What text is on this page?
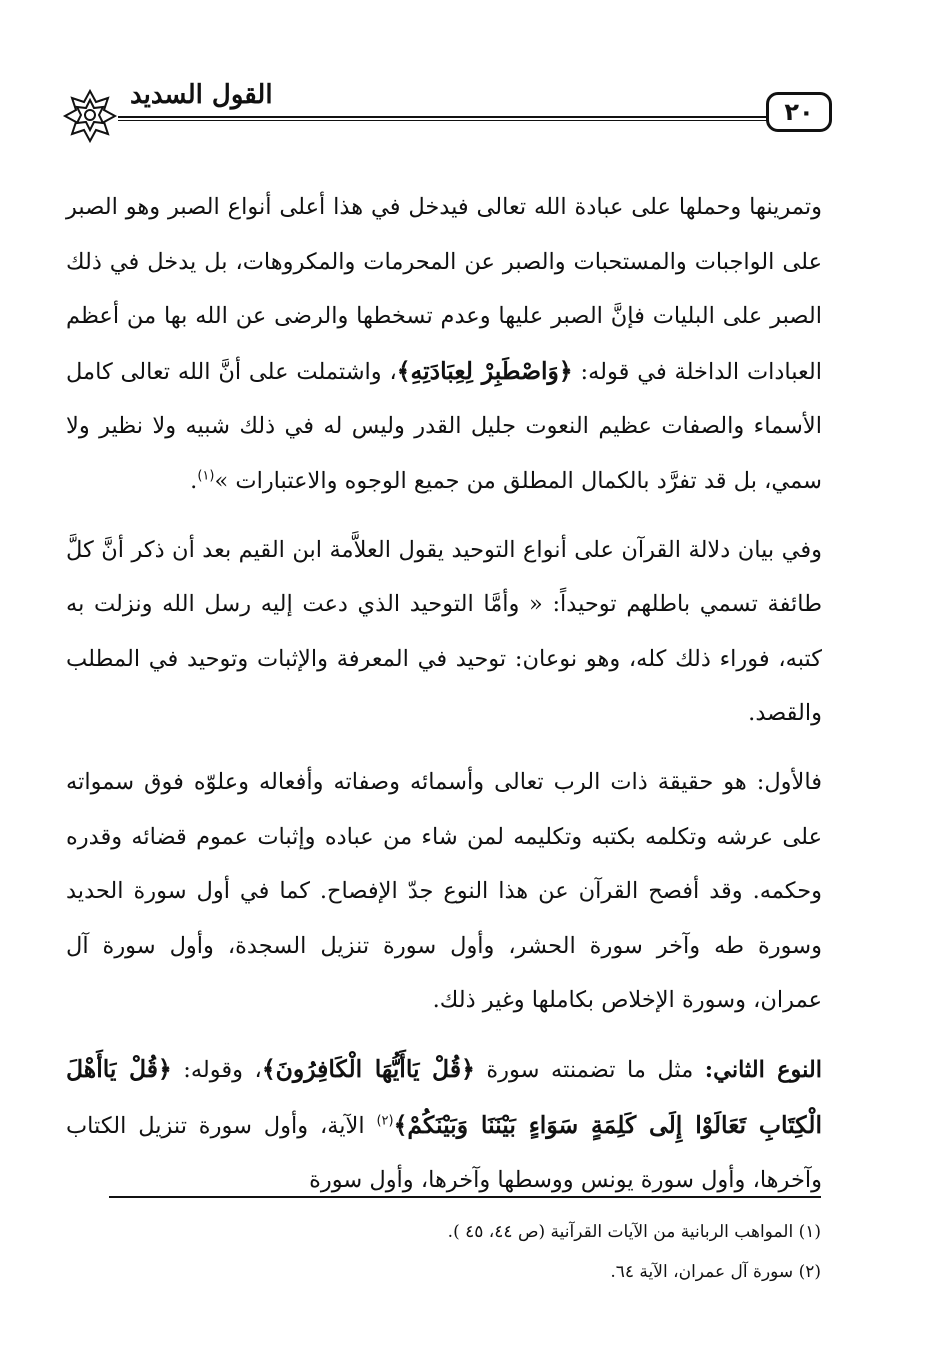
٢٠
القول السديد

وتمرينها وحملها على عبادة الله تعالى فيدخل في هذا أعلى أنواع الصبر وهو الصبر على الواجبات والمستحبات والصبر عن المحرمات والمكروهات، بل يدخل في ذلك الصبر على البليات فإنَّ الصبر عليها وعدم تسخطها والرضى عن الله بها من أعظم العبادات الداخلة في قوله: ﴿وَاصْطَبِرْ لِعِبَادَتِهِ﴾، واشتملت على أنَّ الله تعالى كامل الأسماء والصفات عظيم النعوت جليل القدر وليس له في ذلك شبيه ولا نظير ولا سمي، بل قد تفرَّد بالكمال المطلق من جميع الوجوه والاعتبارات »$^{(١)}$.

وفي بيان دلالة القرآن على أنواع التوحيد يقول العلاَّمة ابن القيم بعد أن ذكر أنَّ كلَّ طائفة تسمي باطلهم توحيداً: « وأمَّا التوحيد الذي دعت إليه رسل الله ونزلت به كتبه، فوراء ذلك كله، وهو نوعان: توحيد في المعرفة والإثبات وتوحيد في المطلب والقصد.

فالأول: هو حقيقة ذات الرب تعالى وأسمائه وصفاته وأفعاله وعلوّه فوق سمواته على عرشه وتكلمه بكتبه وتكليمه لمن شاء من عباده وإثبات عموم قضائه وقدره وحكمه. وقد أفصح القرآن عن هذا النوع جدّ الإفصاح. كما في أول سورة الحديد وسورة طه وآخر سورة الحشر، وأول سورة تنزيل السجدة، وأول سورة آل عمران، وسورة الإخلاص بكاملها وغير ذلك.

النوع الثاني: مثل ما تضمنته سورة ﴿قُلْ يَاأَيُّهَا الْكَافِرُونَ﴾، وقوله: ﴿قُلْ يَاأَهْلَ الْكِتَابِ تَعَالَوْا إِلَى كَلِمَةٍ سَوَاءٍ بَيْنَنَا وَبَيْنَكُمْ﴾$^{(٢)}$ الآية، وأول سورة تنزيل الكتاب وآخرها، وأول سورة يونس ووسطها وآخرها، وأول سورة

(١) المواهب الربانية من الآيات القرآنية (ص ٤٤، ٤٥ ).

(٢) سورة آل عمران، الآية ٦٤.
